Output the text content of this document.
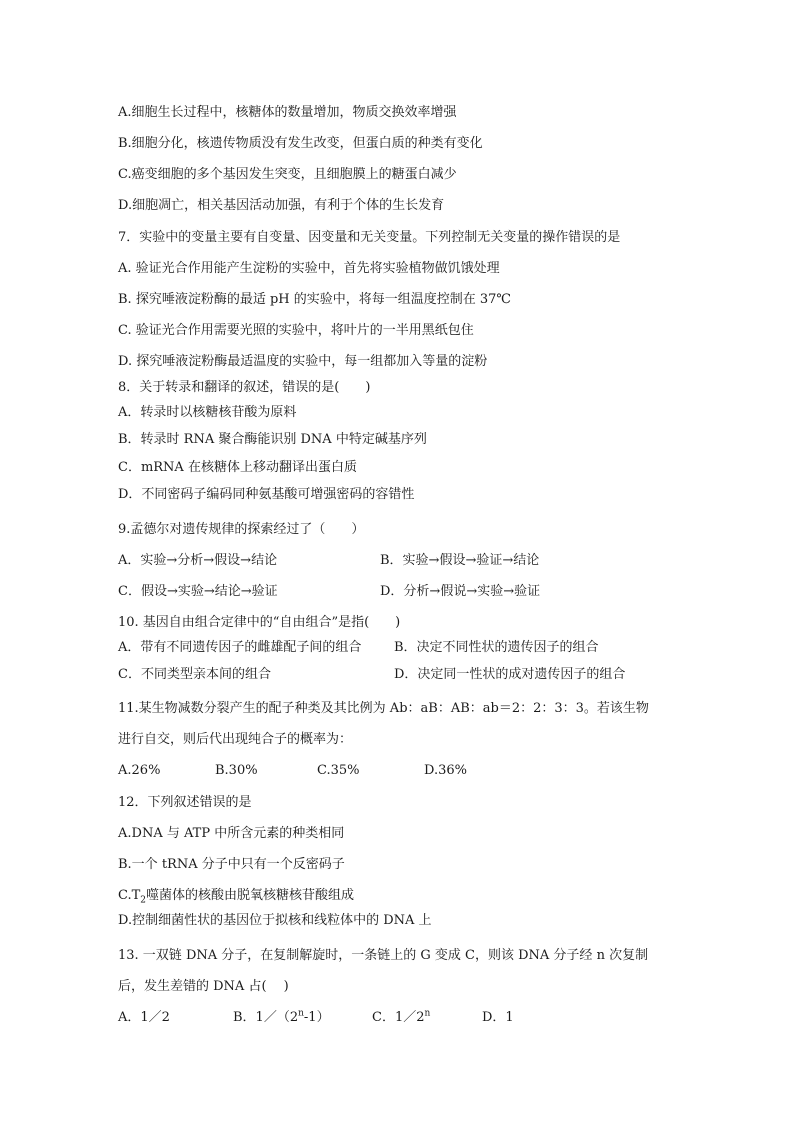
A.细胞生长过程中，核糖体的数量增加，物质交换效率增强
B.细胞分化，核遗传物质没有发生改变，但蛋白质的种类有变化
C.癌变细胞的多个基因发生突变，且细胞膜上的糖蛋白减少
D.细胞凋亡，相关基因活动加强，有利于个体的生长发育
7．实验中的变量主要有自变量、因变量和无关变量。下列控制无关变量的操作错误的是
A. 验证光合作用能产生淀粉的实验中，首先将实验植物做饥饿处理
B. 探究唾液淀粉酶的最适 pH 的实验中，将每一组温度控制在 37℃
C. 验证光合作用需要光照的实验中，将叶片的一半用黑纸包住
D. 探究唾液淀粉酶最适温度的实验中，每一组都加入等量的淀粉
8．关于转录和翻译的叙述，错误的是(　　)
A．转录时以核糖核苷酸为原料
B．转录时 RNA 聚合酶能识别 DNA 中特定碱基序列
C．mRNA 在核糖体上移动翻译出蛋白质
D．不同密码子编码同种氨基酸可增强密码的容错性
9.孟德尔对遗传规律的探索经过了（　　）
A．实验→分析→假设→结论	B．实验→假设→验证→结论
C．假设→实验→结论→验证	D．分析→假说→实验→验证
10. 基因自由组合定律中的“自由组合”是指(　　)
A．带有不同遗传因子的雌雄配子间的组合	B．决定不同性状的遗传因子的组合
C．不同类型亲本间的组合	D．决定同一性状的成对遗传因子的组合
11.某生物减数分裂产生的配子种类及其比例为 Ab：aB：AB：ab＝2：2：3：3。若该生物
进行自交，则后代出现纯合子的概率为：
A.26%	B.30%	C.35%	D.36%
12．下列叙述错误的是
A.DNA 与 ATP 中所含元素的种类相同
B.一个 tRNA 分子中只有一个反密码子
$C.T_2$噬菌体的核酸由脱氧核糖核苷酸组成
D.控制细菌性状的基因位于拟核和线粒体中的 DNA 上
13. 一双链 DNA 分子，在复制解旋时，一条链上的 G 变成 C，则该 DNA 分子经 n 次复制
后，发生差错的 DNA 占(　 )
A．1／2	B．1／（2$^n$-1）	C．1／2$^n$	D．1
